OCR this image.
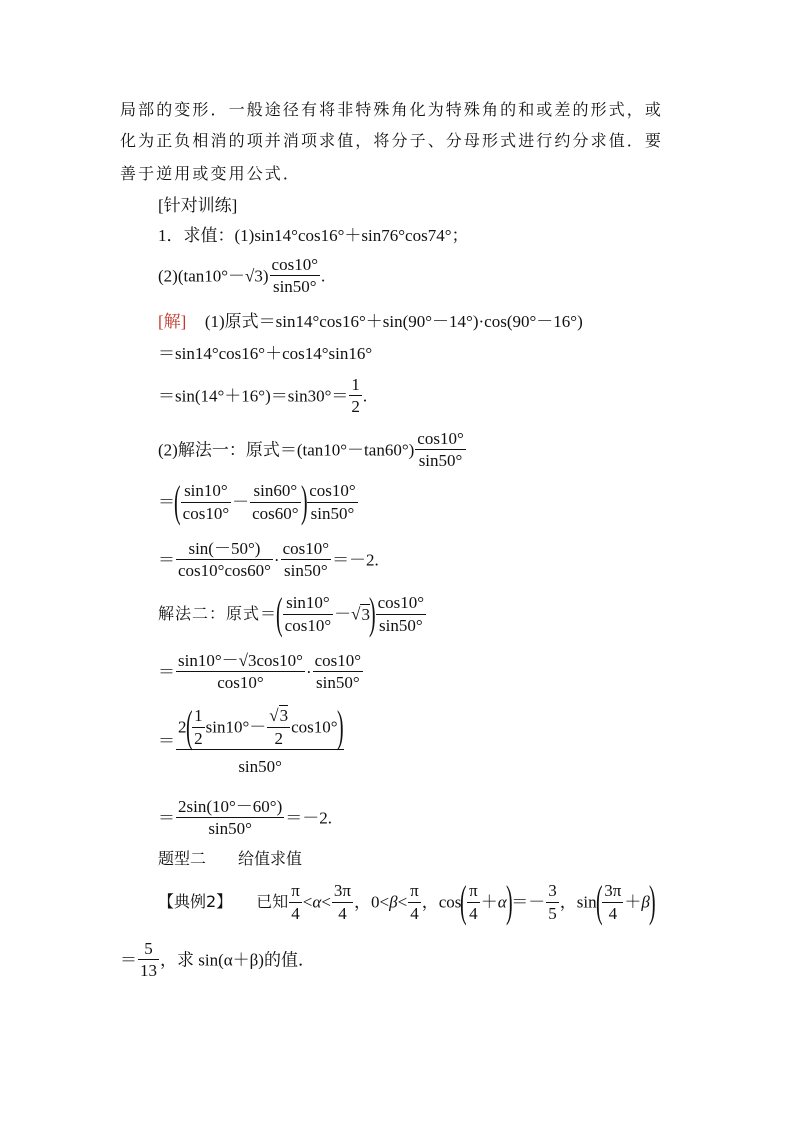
局部的变形．一般途径有将非特殊角化为特殊角的和或差的形式，或
化为正负相消的项并消项求值，将分子、分母形式进行约分求值．要
善于逆用或变用公式．
[针对训练]
1．求值：(1)sin14°cos16°＋sin76°cos74°；
$(2)(\tan 10^\circ-√3) \frac{\cos 10^\circ}{\sin 50^\circ}$ .
[解] (1)原式＝sin14°cos16°＋sin(90°－14°)·cos(90°－16°)
＝sin14°cos16°＋cos14°sin16°
$=\sin(14^\circ+16^\circ)=\sin 30^\circ= \frac{1}{2}$ .
(2)解法一：原式$=(\tan 10^\circ-\tan 60^\circ) \frac{\cos 10^\circ}{\sin 50^\circ}$
＝( $\frac{\sin 10^\circ}{\cos 10^\circ} - \frac{\sin 60^\circ}{\cos 60^\circ}$ ) $\frac{\cos 10^\circ}{\sin 50^\circ}$
＝ $\frac{\sin(-50^\circ)}{\cos 10^\circ\cos 60^\circ} \cdot \frac{\cos 10^\circ}{\sin 50^\circ} =-2$.
解法二：原式＝( $\frac{\sin 10^\circ}{\cos 10^\circ} -√3) \frac{\cos 10^\circ}{\sin 50^\circ}$
＝ $\frac{\sin 10^\circ-√3\cos 10^\circ}{\cos 10^\circ} \cdot \frac{\cos 10^\circ}{\sin 50^\circ}$
＝ $\frac{2( \frac{1}{2} \sin 10^\circ- \frac{√3}{2} \cos 10^\circ)}{\sin 50^\circ}$
＝ $\frac{2\sin(10^\circ-60^\circ)}{\sin 50^\circ} =-2$.
题型二　　给值求值
【典例2】 已知 $\frac{\pi}{4} <\alpha< \frac{3\pi}{4}$ ，$0<\beta< \frac{\pi}{4}$ ，$\cos( \frac{\pi}{4} +\alpha)=- \frac{3}{5}$ ，$\sin( \frac{3\pi}{4} +\beta)$
＝ $\frac{5}{13}$ ，求 sin(α＋β)的值．
